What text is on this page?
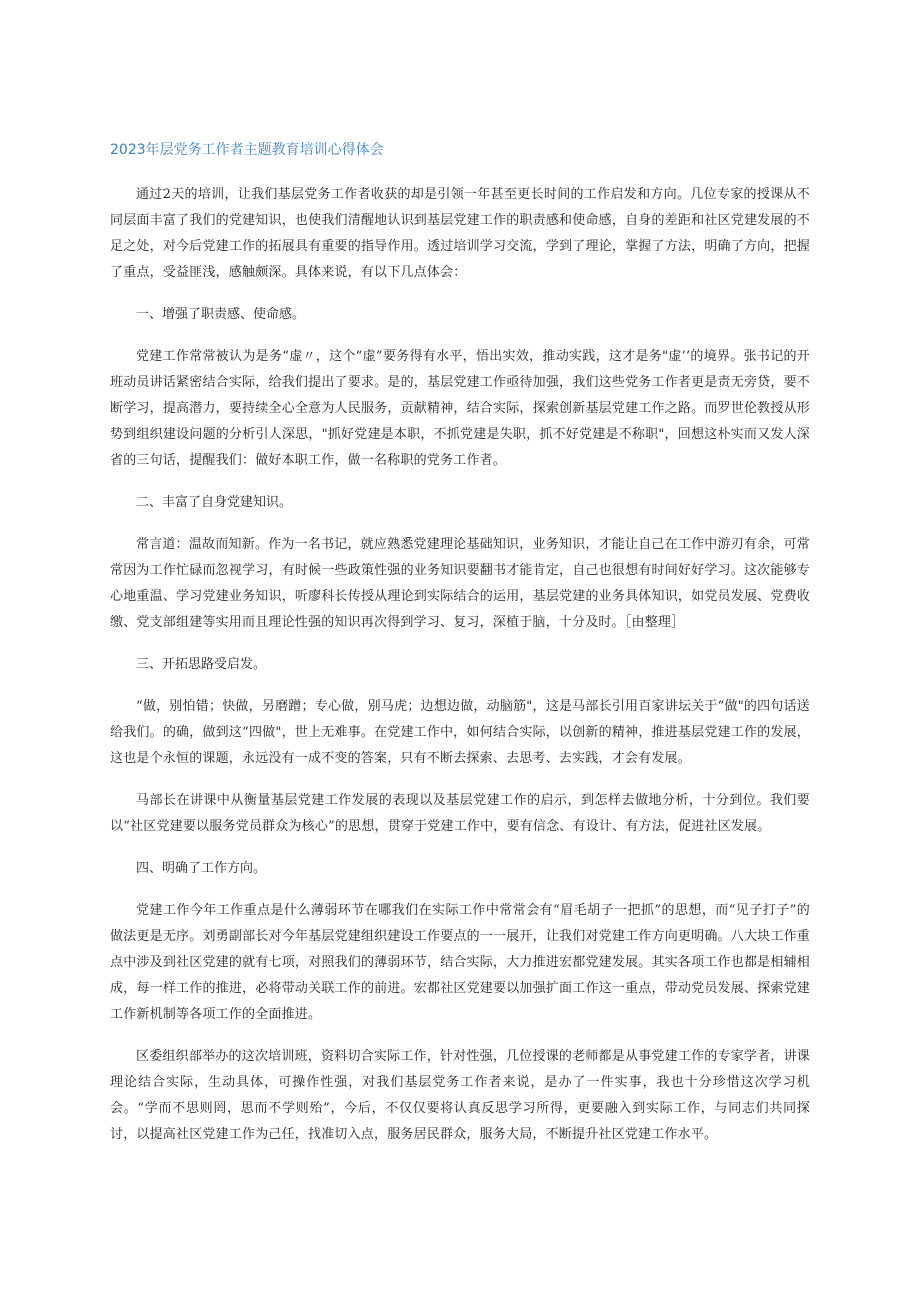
2023年层党务工作者主题教育培训心得体会

通过2天的培训，让我们基层党务工作者收获的却是引领一年甚至更长时间的工作启发和方向。几位专家的授课从不同层面丰富了我们的党建知识，也使我们清醒地认识到基层党建工作的职责感和使命感，自身的差距和社区党建发展的不足之处，对今后党建工作的拓展具有重要的指导作用。透过培训学习交流，学到了理论，掌握了方法，明确了方向，把握了重点，受益匪浅，感触颇深。具体来说，有以下几点体会：

一、增强了职责感、使命感。

党建工作常常被认为是务“虚〃，这个“虚”要务得有水平，悟出实效，推动实践，这才是务"虚’’的境界。张书记的开班动员讲话紧密结合实际，给我们提出了要求。是的，基层党建工作亟待加强，我们这些党务工作者更是责无旁贷，要不断学习，提高潜力，要持续全心全意为人民服务，贡献精神，结合实际，探索创新基层党建工作之路。而罗世伦教授从形势到组织建设问题的分析引人深思，"抓好党建是本职，不抓党建是失职，抓不好党建是不称职"，回想这朴实而又发人深省的三句话，提醒我们：做好本职工作，做一名称职的党务工作者。

二、丰富了自身党建知识。

常言道：温故而知新。作为一名书记，就应熟悉党建理论基础知识，业务知识，才能让自己在工作中游刃有余，可常常因为工作忙碌而忽视学习，有时候一些政策性强的业务知识要翻书才能肯定，自己也很想有时间好好学习。这次能够专心地重温、学习党建业务知识，听廖科长传授从理论到实际结合的运用，基层党建的业务具体知识，如党员发展、党费收缴、党支部组建等实用而且理论性强的知识再次得到学习、复习，深植于脑，十分及时。［由整理］

三、开拓思路受启发。

“做，别怕错；快做，另磨蹭；专心做，别马虎；边想边做，动脑筋"，这是马部长引用百家讲坛关于“做"的四句话送给我们。的确，做到这“四做"，世上无难事。在党建工作中，如何结合实际，以创新的精神，推进基层党建工作的发展，这也是个永恒的课题，永远没有一成不变的答案，只有不断去探索、去思考、去实践，才会有发展。

马部长在讲课中从衡量基层党建工作发展的表现以及基层党建工作的启示，到怎样去做地分析，十分到位。我们要以“社区党建要以服务党员群众为核心”的思想，贯穿于党建工作中，要有信念、有设计、有方法，促进社区发展。

四、明确了工作方向。

党建工作今年工作重点是什么薄弱环节在哪我们在实际工作中常常会有“眉毛胡子一把抓”的思想，而“见子打子”的做法更是无序。刘勇副部长对今年基层党建组织建设工作要点的一一展开，让我们对党建工作方向更明确。八大块工作重点中涉及到社区党建的就有七项，对照我们的薄弱环节，结合实际，大力推进宏都党建发展。其实各项工作也都是相辅相成，每一样工作的推进，必将带动关联工作的前进。宏都社区党建要以加强扩面工作这一重点，带动党员发展、探索党建工作新机制等各项工作的全面推进。

区委组织部举办的这次培训班，资料切合实际工作，针对性强，几位授课的老师都是从事党建工作的专家学者，讲课理论结合实际，生动具体，可操作性强，对我们基层党务工作者来说，是办了一件实事，我也十分珍惜这次学习机会。“学而不思则罔，思而不学则殆”，今后，不仅仅要将认真反思学习所得，更要融入到实际工作，与同志们共同探讨，以提高社区党建工作为己任，找准切入点，服务居民群众，服务大局，不断提升社区党建工作水平。
